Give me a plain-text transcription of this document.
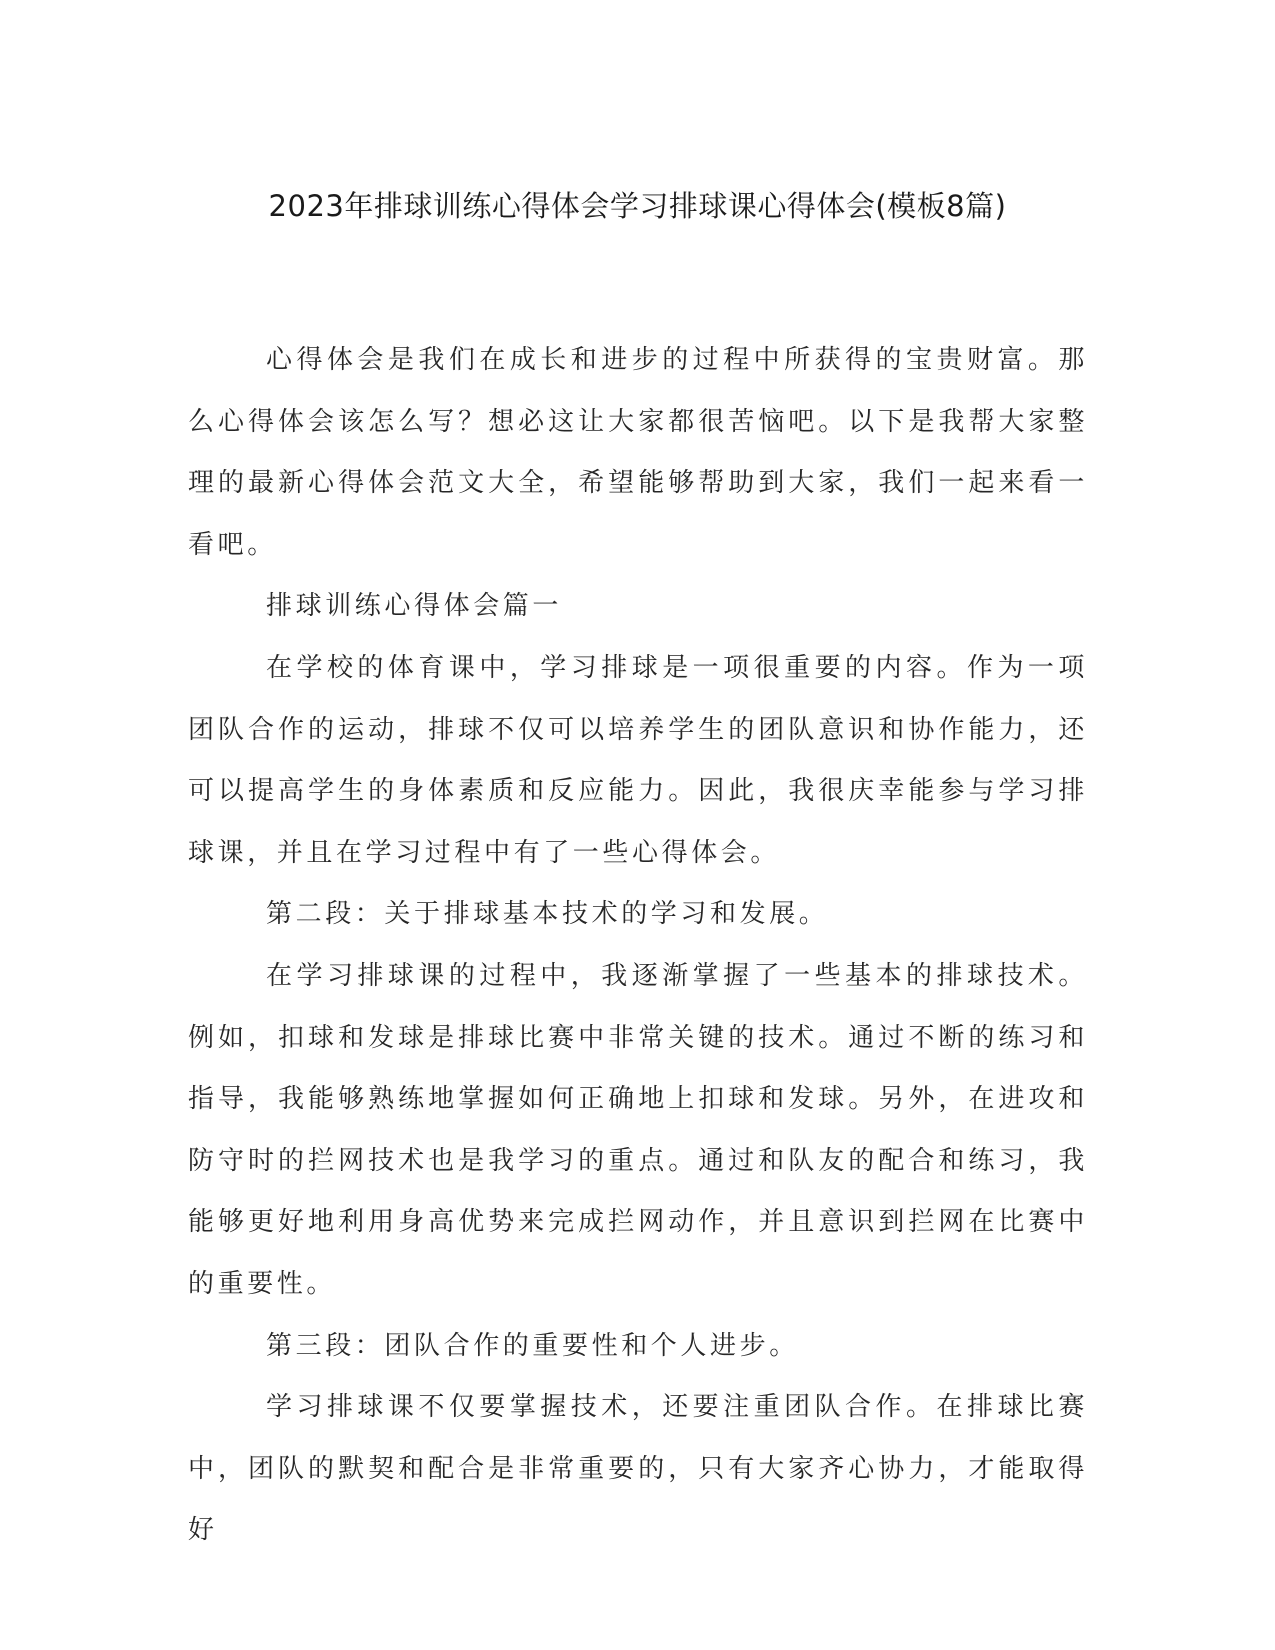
2023年排球训练心得体会学习排球课心得体会(模板8篇)

心得体会是我们在成长和进步的过程中所获得的宝贵财富。那么心得体会该怎么写？想必这让大家都很苦恼吧。以下是我帮大家整理的最新心得体会范文大全，希望能够帮助到大家，我们一起来看一看吧。

排球训练心得体会篇一

在学校的体育课中，学习排球是一项很重要的内容。作为一项团队合作的运动，排球不仅可以培养学生的团队意识和协作能力，还可以提高学生的身体素质和反应能力。因此，我很庆幸能参与学习排球课，并且在学习过程中有了一些心得体会。

第二段：关于排球基本技术的学习和发展。

在学习排球课的过程中，我逐渐掌握了一些基本的排球技术。例如，扣球和发球是排球比赛中非常关键的技术。通过不断的练习和指导，我能够熟练地掌握如何正确地上扣球和发球。另外，在进攻和防守时的拦网技术也是我学习的重点。通过和队友的配合和练习，我能够更好地利用身高优势来完成拦网动作，并且意识到拦网在比赛中的重要性。

第三段：团队合作的重要性和个人进步。

学习排球课不仅要掌握技术，还要注重团队合作。在排球比赛中，团队的默契和配合是非常重要的，只有大家齐心协力，才能取得好
